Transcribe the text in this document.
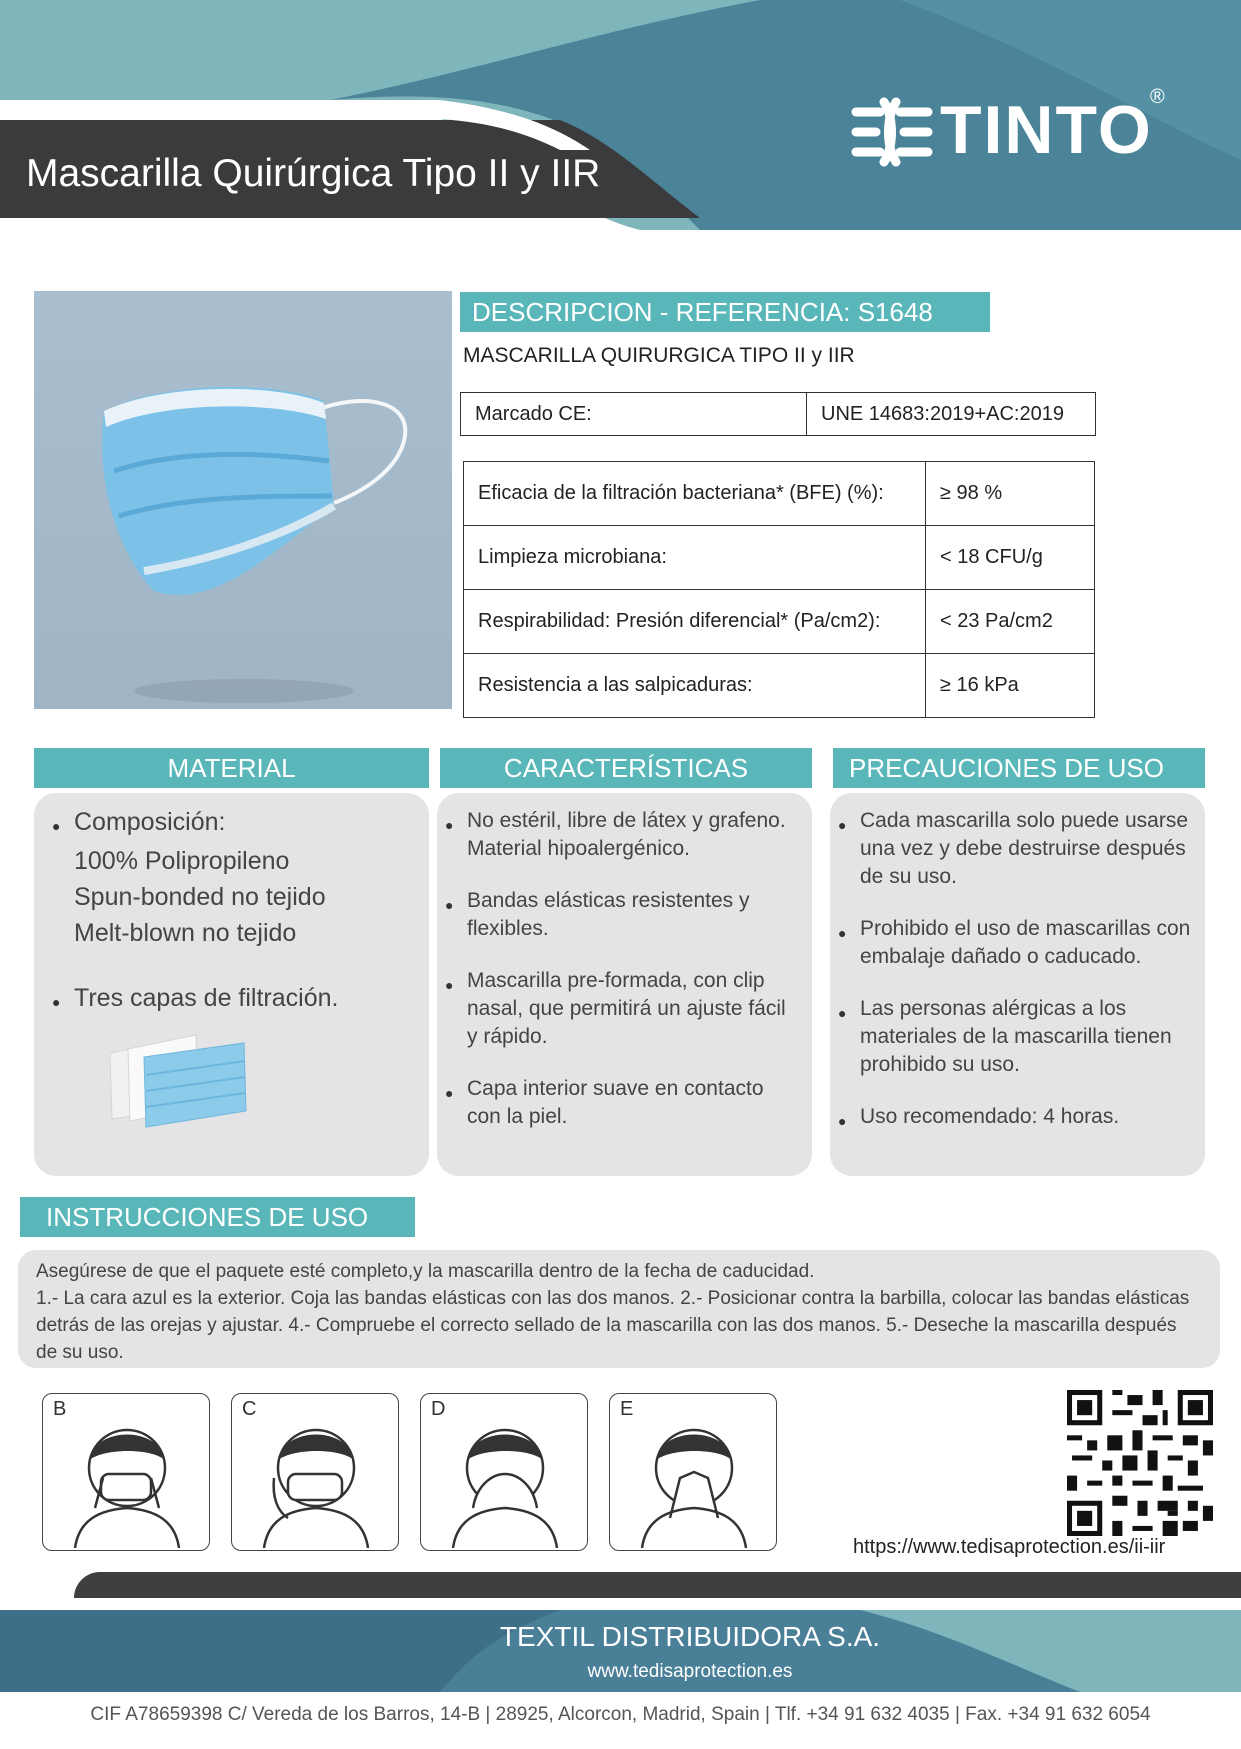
Mascarilla Quirúrgica Tipo II y IIR
TINTO
®
DESCRIPCION - REFERENCIA: S1648
MASCARILLA QUIRURGICA TIPO II y IIR
Marcado CE:	UNE 14683:2019+AC:2019
Eficacia de la filtración bacteriana* (BFE) (%):	≥ 98 %
Limpieza microbiana:	< 18 CFU/g
Respirabilidad: Presión diferencial* (Pa/cm2):	< 23 Pa/cm2
Resistencia a las salpicaduras:	≥ 16 kPa
MATERIAL	CARACTERÍSTICAS	PRECAUCIONES DE USO
● Composición:
100% Polipropileno
Spun-bonded no tejido
Melt-blown no tejido
● Tres capas de filtración.
● No estéril, libre de látex y grafeno. Material hipoalergénico.
● Bandas elásticas resistentes y flexibles.
● Mascarilla pre-formada, con clip nasal, que permitirá un ajuste fácil y rápido.
● Capa interior suave en contacto con la piel.
● Cada mascarilla solo puede usarse una vez y debe destruirse después de su uso.
● Prohibido el uso de mascarillas con embalaje dañado o caducado.
● Las personas alérgicas a los materiales de la mascarilla tienen prohibido su uso.
● Uso recomendado: 4 horas.
INSTRUCCIONES DE USO
Asegúrese de que el paquete esté completo,y la mascarilla dentro de la fecha de caducidad.
1.- La cara azul es la exterior. Coja las bandas elásticas con las dos manos. 2.- Posicionar contra la barbilla, colocar las bandas elásticas detrás de las orejas y ajustar. 4.- Compruebe el correcto sellado de la mascarilla con las dos manos. 5.- Deseche la mascarilla después de su uso.
B	C	D	E
https://www.tedisaprotection.es/ii-iir
TEXTIL DISTRIBUIDORA S.A.
www.tedisaprotection.es
CIF A78659398 C/ Vereda de los Barros, 14-B | 28925, Alcorcon, Madrid, Spain | Tlf. +34 91 632 4035 | Fax. +34 91 632 6054
